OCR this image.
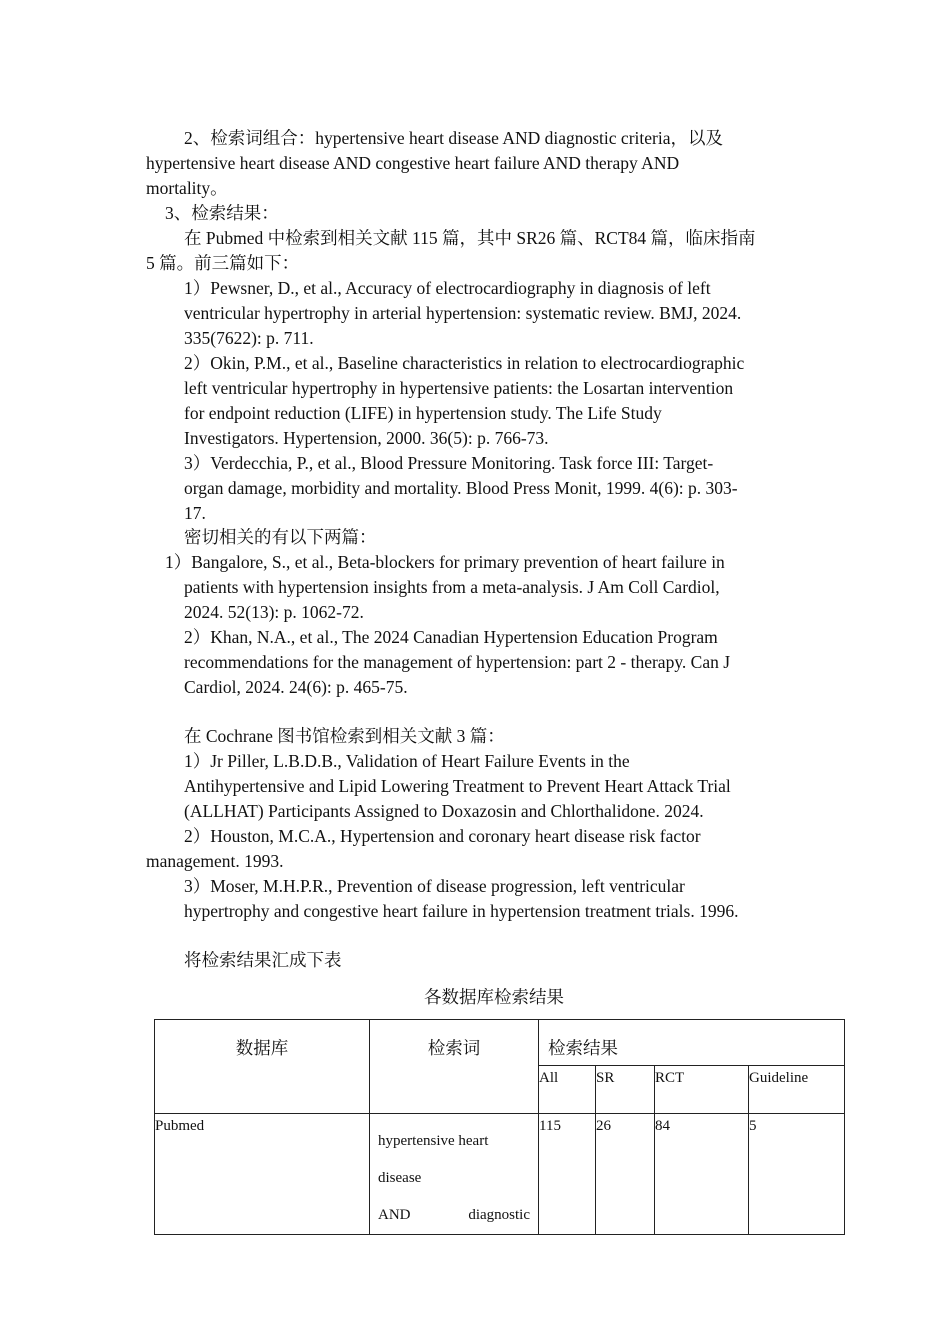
2、检索词组合：hypertensive heart disease AND diagnostic criteria，以及
hypertensive heart disease AND congestive heart failure AND therapy AND
mortality。
3、检索结果：
在 Pubmed 中检索到相关文献 115 篇，其中 SR26 篇、RCT84 篇，临床指南
5 篇。前三篇如下：
1）Pewsner, D., et al., Accuracy of electrocardiography in diagnosis of left
ventricular hypertrophy in arterial hypertension: systematic review. BMJ, 2024.
335(7622): p. 711.
2）Okin, P.M., et al., Baseline characteristics in relation to electrocardiographic
left ventricular hypertrophy in hypertensive patients: the Losartan intervention
for endpoint reduction (LIFE) in hypertension study. The Life Study
Investigators. Hypertension, 2000. 36(5): p. 766-73.
3）Verdecchia, P., et al., Blood Pressure Monitoring. Task force III: Target-
organ damage, morbidity and mortality. Blood Press Monit, 1999. 4(6): p. 303-
17.
密切相关的有以下两篇：
1）Bangalore, S., et al., Beta-blockers for primary prevention of heart failure in
patients with hypertension insights from a meta-analysis. J Am Coll Cardiol,
2024. 52(13): p. 1062-72.
2）Khan, N.A., et al., The 2024 Canadian Hypertension Education Program
recommendations for the management of hypertension: part 2 - therapy. Can J
Cardiol, 2024. 24(6): p. 465-75.
在 Cochrane 图书馆检索到相关文献 3 篇：
1）Jr Piller, L.B.D.B., Validation of Heart Failure Events in the
Antihypertensive and Lipid Lowering Treatment to Prevent Heart Attack Trial
(ALLHAT) Participants Assigned to Doxazosin and Chlorthalidone. 2024.
2）Houston, M.C.A., Hypertension and coronary heart disease risk factor
management. 1993.
3）Moser, M.H.P.R., Prevention of disease progression, left ventricular
hypertrophy and congestive heart failure in hypertension treatment trials. 1996.
将检索结果汇成下表
各数据库检索结果
数据库	检索词	检索结果			
		All	SR	RCT	Guideline
Pubmed	hypertensive heart disease
AND diagnostic	115	26	84	5
